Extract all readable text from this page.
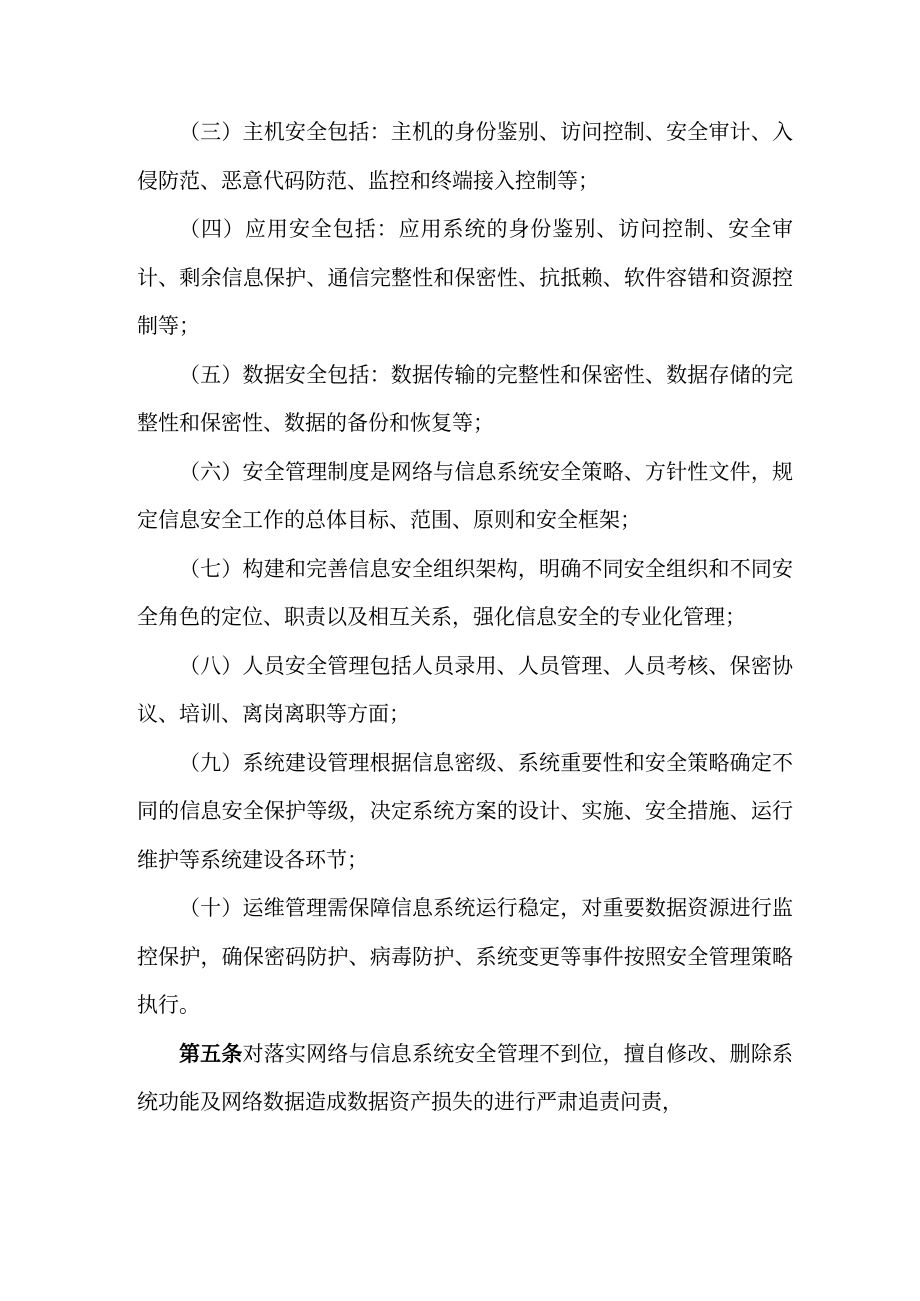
（三）主机安全包括：主机的身份鉴别、访问控制、安全审计、入侵防范、恶意代码防范、监控和终端接入控制等；

（四）应用安全包括：应用系统的身份鉴别、访问控制、安全审计、剩余信息保护、通信完整性和保密性、抗抵赖、软件容错和资源控制等；

（五）数据安全包括：数据传输的完整性和保密性、数据存储的完整性和保密性、数据的备份和恢复等；

（六）安全管理制度是网络与信息系统安全策略、方针性文件，规定信息安全工作的总体目标、范围、原则和安全框架；

（七）构建和完善信息安全组织架构，明确不同安全组织和不同安全角色的定位、职责以及相互关系，强化信息安全的专业化管理；

（八）人员安全管理包括人员录用、人员管理、人员考核、保密协议、培训、离岗离职等方面；

（九）系统建设管理根据信息密级、系统重要性和安全策略确定不同的信息安全保护等级，决定系统方案的设计、实施、安全措施、运行维护等系统建设各环节；

（十）运维管理需保障信息系统运行稳定，对重要数据资源进行监控保护，确保密码防护、病毒防护、系统变更等事件按照安全管理策略执行。

第五条对落实网络与信息系统安全管理不到位，擅自修改、删除系统功能及网络数据造成数据资产损失的进行严肃追责问责，
